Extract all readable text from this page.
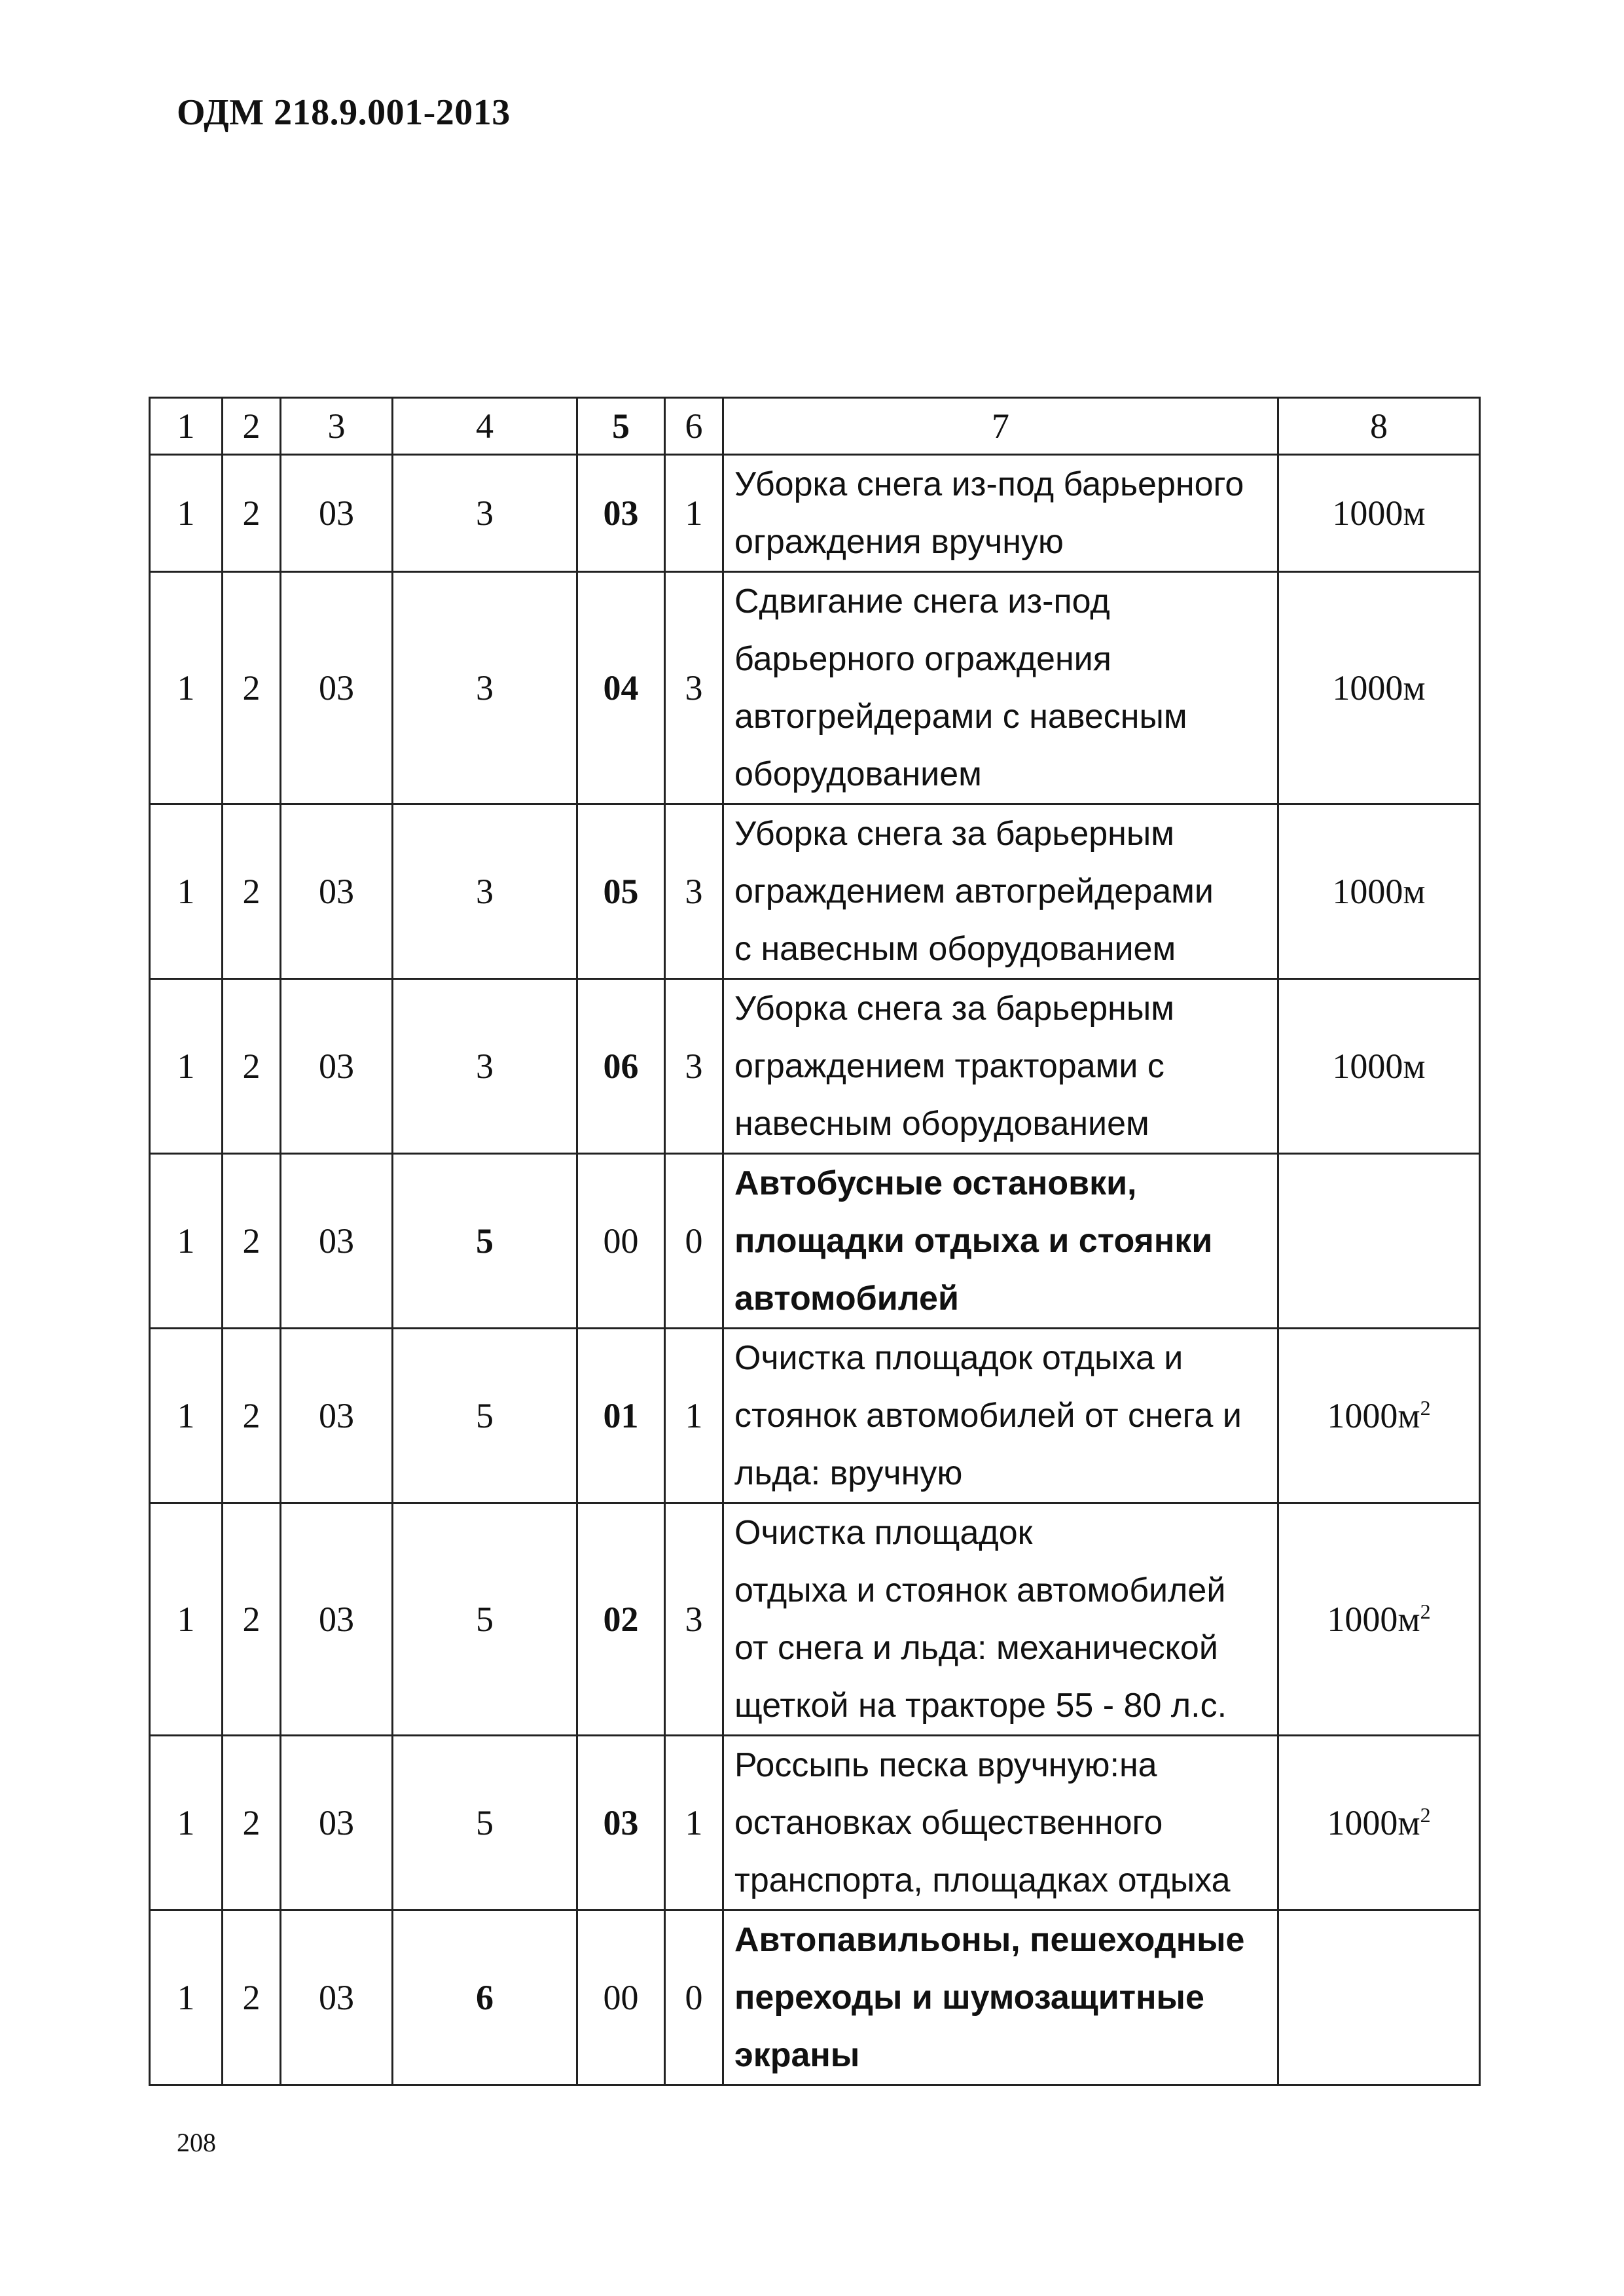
ОДМ 218.9.001-2013
1	2	3	4	5	6	7	8
1	2	03	3	03	1	Уборка снега из-под барьерного
ограждения вручную	1000м
1	2	03	3	04	3	Сдвигание снега из-под
барьерного ограждения
автогрейдерами с навесным
оборудованием	1000м
1	2	03	3	05	3	Уборка снега за барьерным
ограждением автогрейдерами
с навесным оборудованием	1000м
1	2	03	3	06	3	Уборка снега за барьерным
ограждением тракторами с
навесным оборудованием	1000м
1	2	03	5	00	0	Автобусные остановки,
площадки отдыха и стоянки
автомобилей	

1	2	03	5	01	1	Очистка площадок отдыха и
стоянок автомобилей от снега и
льда: вручную	$1000м^2$
1	2	03	5	02	3	Очистка площадок
отдыха и стоянок автомобилей
от снега и льда: механической
щеткой на тракторе 55 - 80 л.с.	$1000м^2$
1	2	03	5	03	1	Россыпь песка вручную:на
остановках общественного
транспорта, площадках отдыха	$1000м^2$
1	2	03	6	00	0	Автопавильоны, пешеходные
переходы и шумозащитные
экраны	

208
